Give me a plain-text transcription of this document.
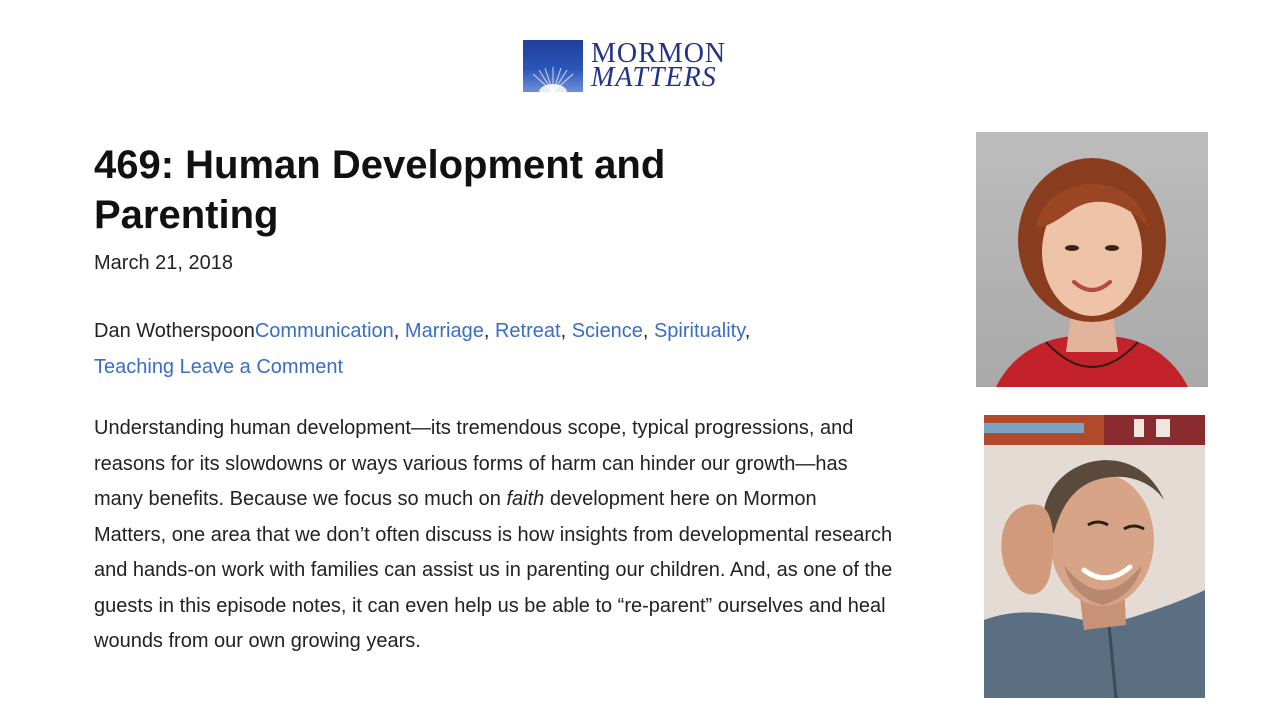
MORMON
MATTERS
469: Human Development and Parenting
March 21, 2018
Dan WotherspoonCommunication, Marriage, Retreat, Science, Spirituality,
Teaching Leave a Comment

Understanding human development—its tremendous scope, typical progressions, and reasons for its slowdowns or ways various forms of harm can hinder our growth—has many benefits. Because we focus so much on faith development here on Mormon Matters, one area that we don’t often discuss is how insights from developmental research and hands-on work with families can assist us in parenting our children. And, as one of the guests in this episode notes, it can even help us be able to “re-parent” ourselves and heal wounds from our own growing years.
